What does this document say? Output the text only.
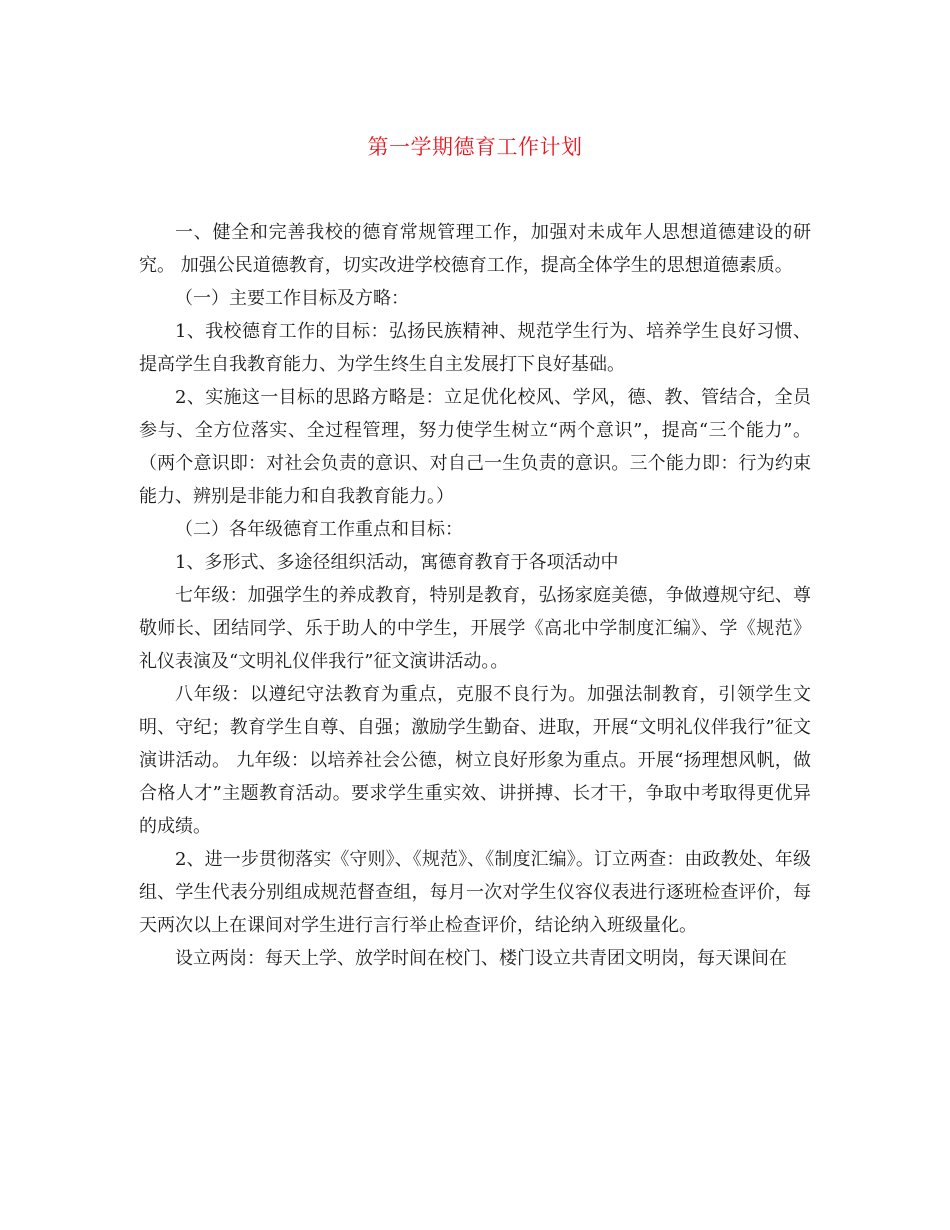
第一学期德育工作计划

一、健全和完善我校的德育常规管理工作，加强对未成年人思想道德建设的研究。 加强公民道德教育，切实改进学校德育工作，提高全体学生的思想道德素质。

（一）主要工作目标及方略：

1、我校德育工作的目标：弘扬民族精神、规范学生行为、培养学生良好习惯、提高学生自我教育能力、为学生终生自主发展打下良好基础。

2、实施这一目标的思路方略是：立足优化校风、学风，德、教、管结合，全员参与、全方位落实、全过程管理，努力使学生树立“两个意识”，提高“三个能力”。（两个意识即：对社会负责的意识、对自己一生负责的意识。三个能力即：行为约束能力、辨别是非能力和自我教育能力。）

（二）各年级德育工作重点和目标：

1、多形式、多途径组织活动，寓德育教育于各项活动中

七年级：加强学生的养成教育，特别是教育，弘扬家庭美德，争做遵规守纪、尊敬师长、团结同学、乐于助人的中学生，开展学《高北中学制度汇编》、学《规范》礼仪表演及“文明礼仪伴我行”征文演讲活动。。

八年级：以遵纪守法教育为重点，克服不良行为。加强法制教育，引领学生文明、守纪；教育学生自尊、自强；激励学生勤奋、进取，开展“文明礼仪伴我行”征文演讲活动。 九年级：以培养社会公德，树立良好形象为重点。开展“扬理想风帆，做合格人才”主题教育活动。要求学生重实效、讲拼搏、长才干，争取中考取得更优异的成绩。

2、进一步贯彻落实《守则》、《规范》、《制度汇编》。订立两查：由政教处、年级组、学生代表分别组成规范督查组，每月一次对学生仪容仪表进行逐班检查评价，每天两次以上在课间对学生进行言行举止检查评价，结论纳入班级量化。

设立两岗：每天上学、放学时间在校门、楼门设立共青团文明岗，每天课间在
